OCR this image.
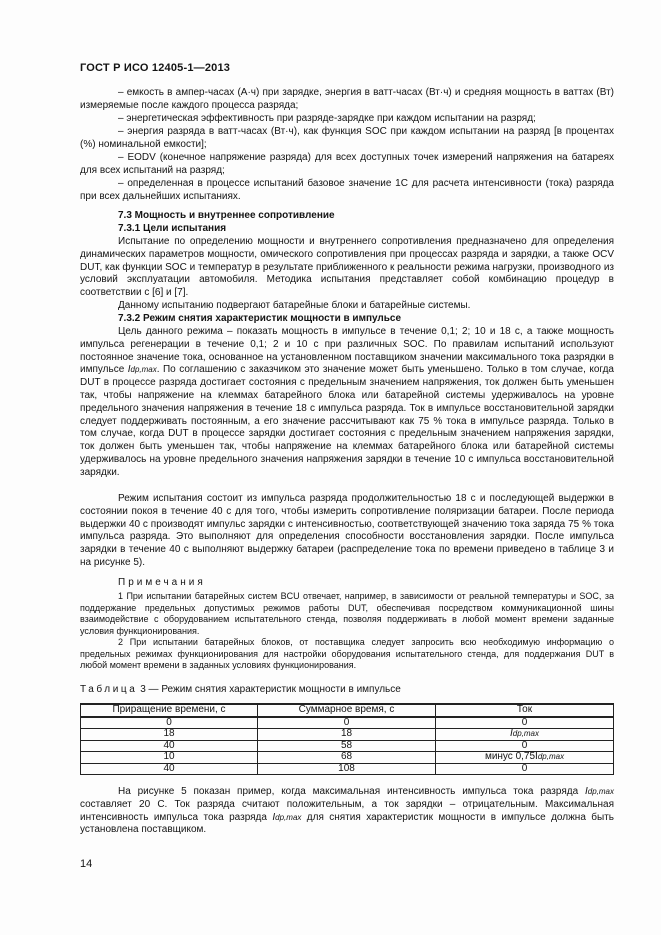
ГОСТ Р ИСО 12405-1—2013

– емкость в ампер-часах (А·ч) при зарядке, энергия в ватт-часах (Вт·ч) и средняя мощность в ваттах (Вт) измеряемые после каждого процесса разряда;

– энергетическая эффективность при разряде-зарядке при каждом испытании на разряд;

– энергия разряда в ватт-часах (Вт·ч), как функция SOC при каждом испытании на разряд [в процентах (%) номинальной емкости];

– EODV (конечное напряжение разряда) для всех доступных точек измерений напряжения на батареях для всех испытаний на разряд;

– определенная в процессе испытаний базовое значение 1С для расчета интенсивности (тока) разряда при всех дальнейших испытаниях.

7.3 Мощность и внутреннее сопротивление

7.3.1 Цели испытания

Испытание по определению мощности и внутреннего сопротивления предназначено для определения динамических параметров мощности, омического сопротивления при процессах разряда и зарядки, а также OCV DUT, как функции SOC и температур в результате приближенного к реальности режима нагрузки, производного из условий эксплуатации автомобиля. Методика испытания представляет собой комбинацию процедур в соответствии с [6] и [7].

Данному испытанию подвергают батарейные блоки и батарейные системы.

7.3.2 Режим снятия характеристик мощности в импульсе

Цель данного режима – показать мощность в импульсе в течение 0,1; 2; 10 и 18 с, а также мощность импульса регенерации в течение 0,1; 2 и 10 с при различных SOC. По правилам испытаний используют постоянное значение тока, основанное на установленном поставщиком значении максимального тока разрядки в импульсе Idp,max. По соглашению с заказчиком это значение может быть уменьшено. Только в том случае, когда DUT в процессе разряда достигает состояния с предельным значением напряжения, ток должен быть уменьшен так, чтобы напряжение на клеммах батарейного блока или батарейной системы удерживалось на уровне предельного значения напряжения в течение 18 с импульса разряда. Ток в импульсе восстановительной зарядки следует поддерживать постоянным, а его значение рассчитывают как 75 % тока в импульсе разряда. Только в том случае, когда DUT в процессе зарядки достигает состояния с предельным значением напряжения зарядки, ток должен быть уменьшен так, чтобы напряжение на клеммах батарейного блока или батарейной системы удерживалось на уровне предельного значения напряжения зарядки в течение 10 с импульса восстановительной зарядки.

Режим испытания состоит из импульса разряда продолжительностью 18 с и последующей выдержки в состоянии покоя в течение 40 с для того, чтобы измерить сопротивление поляризации батареи. После периода выдержки 40 с производят импульс зарядки с интенсивностью, соответствующей значению тока заряда 75 % тока импульса разряда. Это выполняют для определения способности восстановления зарядки. После импульса зарядки в течение 40 с выполняют выдержку батареи (распределение тока по времени приведено в таблице 3 и на рисунке 5).

Примечания

1 При испытании батарейных систем BCU отвечает, например, в зависимости от реальной температуры и SOC, за поддержание предельных допустимых режимов работы DUT, обеспечивая посредством коммуникационной шины взаимодействие с оборудованием испытательного стенда, позволяя поддерживать в любой момент времени заданные условия функционирования.

2 При испытании батарейных блоков, от поставщика следует запросить всю необходимую информацию о предельных режимах функционирования для настройки оборудования испытательного стенда, для поддержания DUT в любой момент времени в заданных условиях функционирования.

Таблица 3 — Режим снятия характеристик мощности в импульсе
Приращение времени, с	Суммарное время, с	Ток
0	0	0
18	18	Idp,max
40	58	0
10	68	минус 0,75Idp,max
40	108	0

На рисунке 5 показан пример, когда максимальная интенсивность импульса тока разряда Idp,max составляет 20 C. Ток разряда считают положительным, а ток зарядки – отрицательным. Максимальная интенсивность импульса тока разряда Idp,max для снятия характеристик мощности в импульсе должна быть установлена поставщиком.

14
